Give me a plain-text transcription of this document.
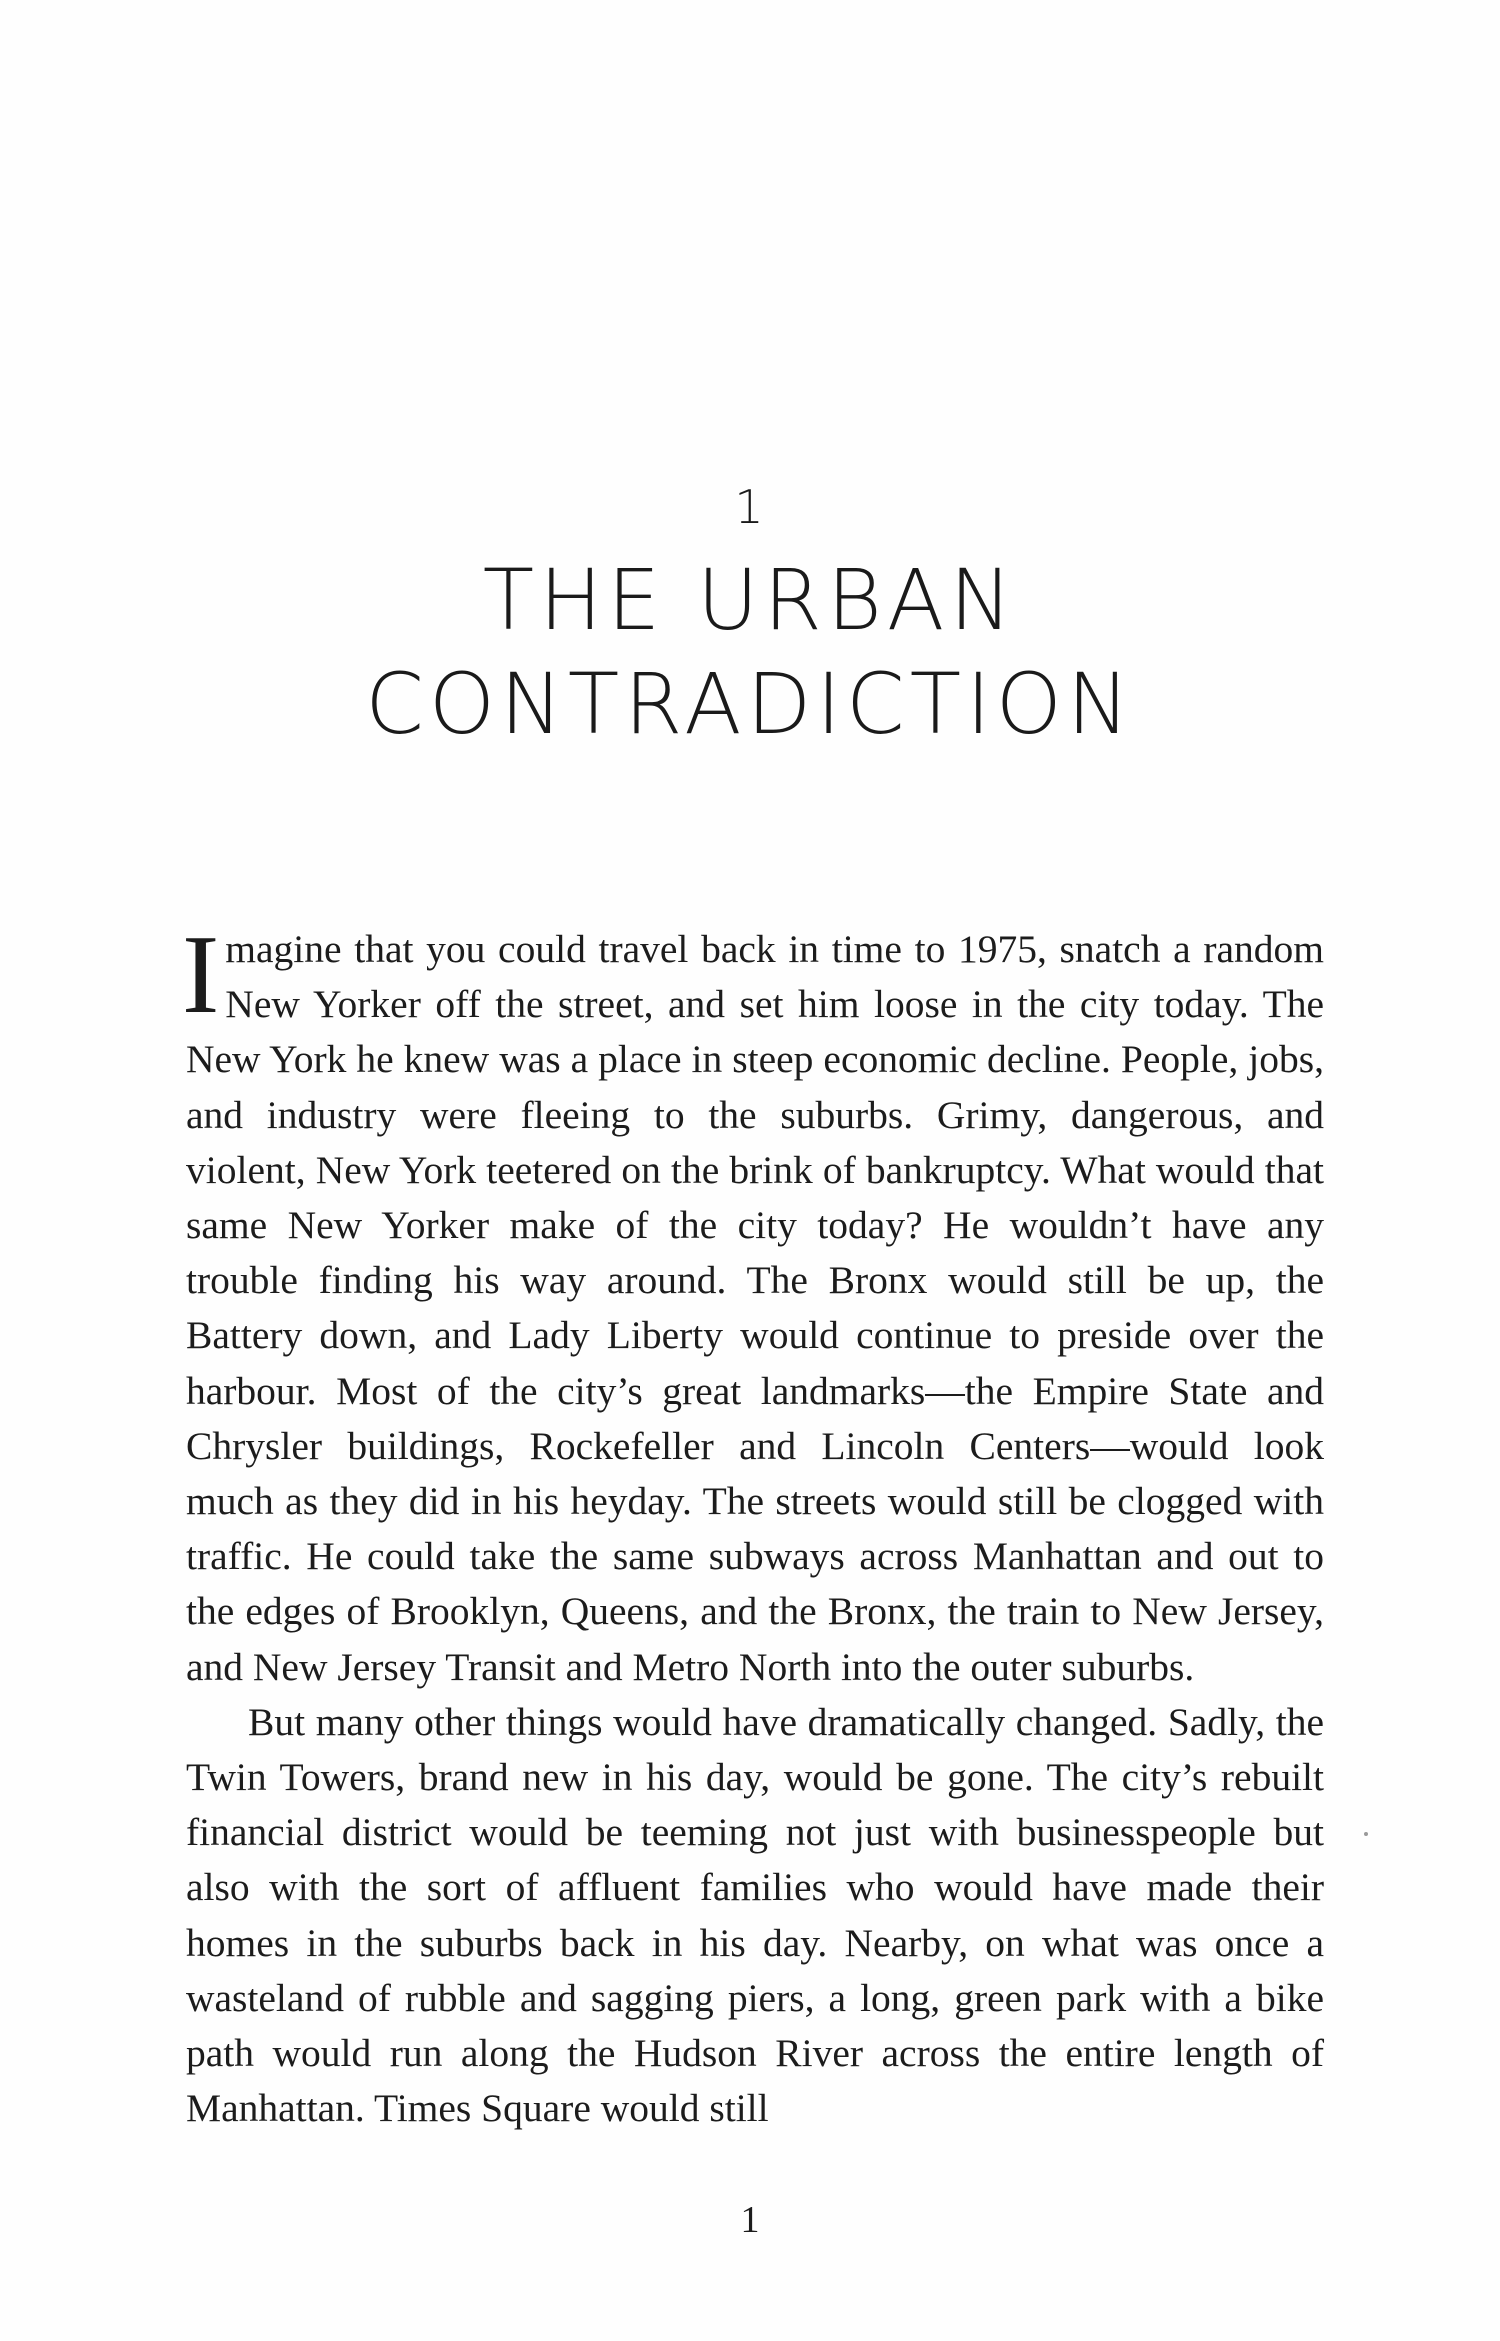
1
THE URBAN
CONTRADICTION

Imagine that you could travel back in time to 1975, snatch a random New Yorker off the street, and set him loose in the city today. The New York he knew was a place in steep economic decline. People, jobs, and industry were fleeing to the suburbs. Grimy, dangerous, and violent, New York teetered on the brink of bankruptcy. What would that same New Yorker make of the city today? He wouldn’t have any trouble finding his way around. The Bronx would still be up, the Battery down, and Lady Liberty would continue to preside over the harbour. Most of the city’s great landmarks—the Empire State and Chrysler buildings, Rockefeller and Lincoln Centers—would look much as they did in his heyday. The streets would still be clogged with traffic. He could take the same subways across Manhattan and out to the edges of Brooklyn, Queens, and the Bronx, the train to New Jersey, and New Jersey Transit and Metro North into the outer suburbs.

But many other things would have dramatically changed. Sadly, the Twin Towers, brand new in his day, would be gone. The city’s rebuilt financial district would be teeming not just with businesspeople but also with the sort of affluent families who would have made their homes in the suburbs back in his day. Nearby, on what was once a wasteland of rubble and sagging piers, a long, green park with a bike path would run along the Hudson River across the entire length of Manhattan. Times Square would still

1
